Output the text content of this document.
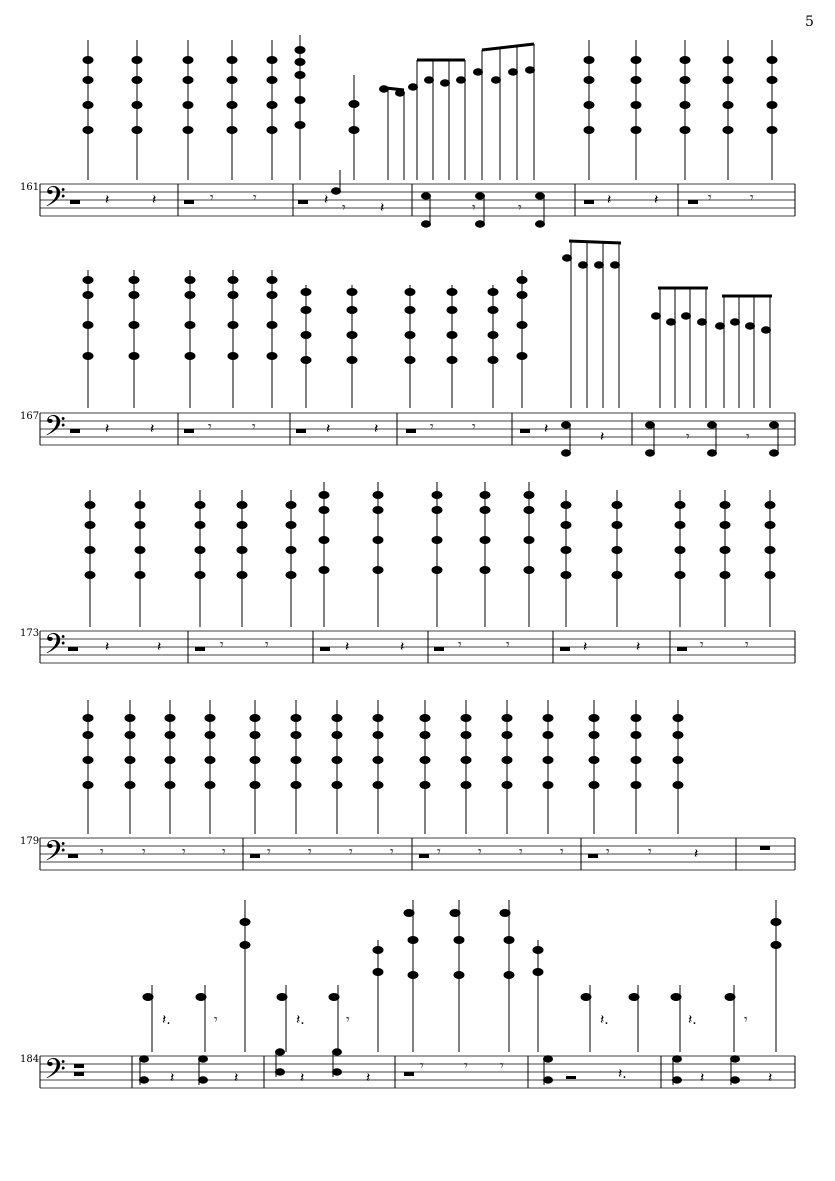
5
161
167
173
179
184
𝄢	𝄽	𝄽	𝄾	𝄾	𝄽 𝄾 𝄽	𝄾	𝄾	𝄽	𝄽	𝄾	𝄾
𝄢	𝄽	𝄽	𝄾	𝄾	𝄽	𝄽	𝄾	𝄾	𝄽	𝄽	𝄾	𝄾
𝄢	𝄽	𝄽	𝄾	𝄾	𝄽	𝄽	𝄾	𝄾	𝄽	𝄽	𝄾	𝄾
𝄢 𝄾	𝄾	𝄾	𝄾	𝄾	𝄾	𝄾	𝄾	𝄾	𝄾	𝄾	𝄾	𝄾	𝄾	𝄽
𝄢
𝄽.	𝄾	𝄽.	𝄾
𝄾	𝄾 𝄾
𝄽.
𝄽.
𝄽.	𝄾
𝄽	𝄽	𝄽	𝄽	𝄽	𝄽
